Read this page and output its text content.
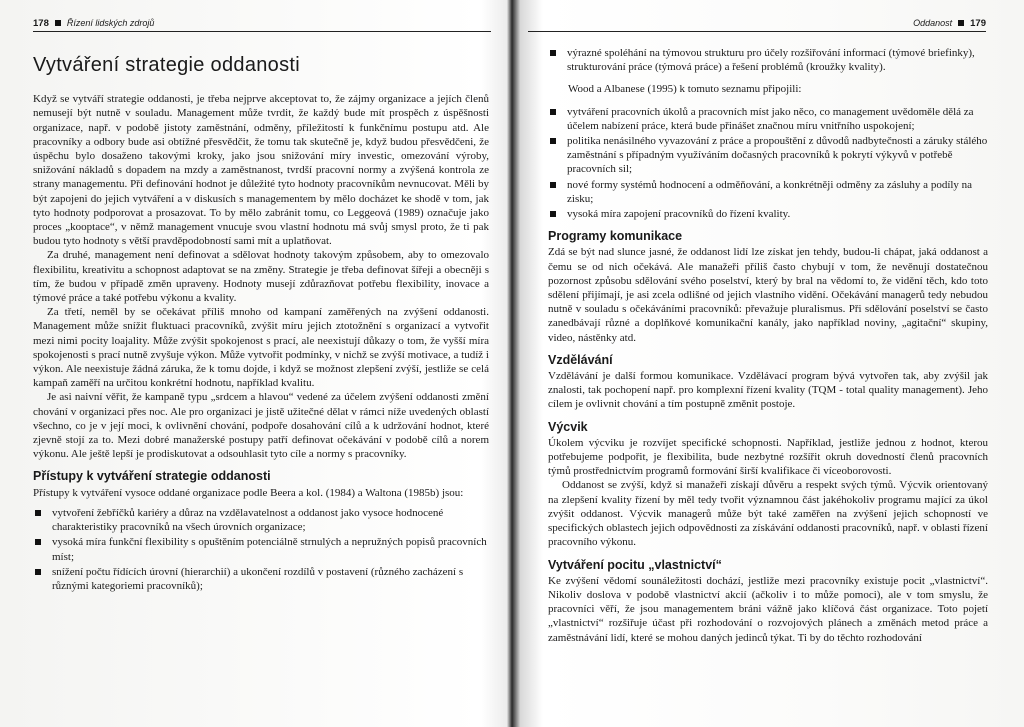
178 Řízení lidských zdrojů
Vytváření strategie oddanosti

Když se vytváří strategie oddanosti, je třeba nejprve akceptovat to, že zájmy organizace a jejích členů nemusejí být nutně v souladu. Management může tvrdit, že každý bude mít prospěch z úspěšnosti organizace, např. v podobě jistoty zaměstnání, odměny, příležitostí k funkčnímu postupu atd. Ale pracovníky a odbory bude asi obtížné přesvědčit, že tomu tak skutečně je, když budou přesvědčeni, že úspěchu bylo dosaženo takovými kroky, jako jsou snižování míry investic, omezování výroby, snižování nákladů s dopadem na mzdy a zaměstnanost, tvrdší pracovní normy a zvýšená kontrola ze strany managementu. Při definování hodnot je důležité tyto hodnoty pracovníkům nevnucovat. Měli by být zapojeni do jejich vytváření a v diskusích s managementem by mělo docházet ke shodě v tom, jak tyto hodnoty podporovat a prosazovat. To by mělo zabránit tomu, co Leggeová (1989) označuje jako proces „kooptace“, v němž management vnucuje svou vlastní hodnotu má svůj smysl proto, že ti pak budou tyto hodnoty s větší pravděpodobností sami mít a uplatňovat.

Za druhé, management není definovat a sdělovat hodnoty takovým způsobem, aby to omezovalo flexibilitu, kreativitu a schopnost adaptovat se na změny. Strategie je třeba definovat šířeji a obecněji s tím, že budou v případě změn upraveny. Hodnoty musejí zdůrazňovat potřebu flexibility, inovace a týmové práce a také potřebu výkonu a kvality.

Za třetí, neměl by se očekávat příliš mnoho od kampaní zaměřených na zvýšení oddanosti. Management může snížit fluktuaci pracovníků, zvýšit míru jejich ztotožnění s organizací a vytvořit mezi nimi pocity loajality. Může zvýšit spokojenost s prací, ale neexistují důkazy o tom, že vyšší míra spokojenosti s prací nutně zvyšuje výkon. Může vytvořit podmínky, v nichž se zvýší motivace, a tudíž i výkon. Ale neexistuje žádná záruka, že k tomu dojde, i když se možnost zlepšení zvýší, jestliže se celá kampaň zaměří na určitou konkrétní hodnotu, například kvalitu.

Je asi naivní věřit, že kampaně typu „srdcem a hlavou“ vedené za účelem zvýšení oddanosti změní chování v organizaci přes noc. Ale pro organizaci je jistě užitečné dělat v rámci níže uvedených oblastí všechno, co je v její moci, k ovlivnění chování, podpoře dosahování cílů a k udržování hodnot, které zjevně stojí za to. Mezi dobré manažerské postupy patří definovat očekávání v podobě cílů a norem výkonu. Ale ještě lepší je prodiskutovat a odsouhlasit tyto cíle a normy s pracovníky.

Přístupy k vytváření strategie oddanosti

Přístupy k vytváření vysoce oddané organizace podle Beera a kol. (1984) a Waltona (1985b) jsou:

vytvoření žebříčků kariéry a důraz na vzdělavatelnost a oddanost jako vysoce hodnocené charakteristiky pracovníků na všech úrovních organizace;
vysoká míra funkční flexibility s opuštěním potenciálně strnulých a nepružných popisů pracovních míst;
snížení počtu řídících úrovní (hierarchií) a ukončení rozdílů v postavení (různého zacházení s různými kategoriemi pracovníků);
Oddanost 179
výrazné spoléhání na týmovou strukturu pro účely rozšiřování informací (týmové briefinky), strukturování práce (týmová práce) a řešení problémů (kroužky kvality).

Wood a Albanese (1995) k tomuto seznamu připojili:

vytváření pracovních úkolů a pracovních míst jako něco, co management uvědoměle dělá za účelem nabízení práce, která bude přinášet značnou míru vnitřního uspokojení;
politika nenásilného vyvazování z práce a propouštění z důvodů nadbytečnosti a záruky stálého zaměstnání s případným využíváním dočasných pracovníků k pokrytí výkyvů v potřebě pracovních sil;
nové formy systémů hodnocení a odměňování, a konkrétněji odměny za zásluhy a podíly na zisku;
vysoká míra zapojení pracovníků do řízení kvality.
Programy komunikace

Zdá se být nad slunce jasné, že oddanost lidí lze získat jen tehdy, budou-li chápat, jaká oddanost a čemu se od nich očekává. Ale manažeři příliš často chybují v tom, že nevěnují dostatečnou pozornost způsobu sdělování svého poselství, který by bral na vědomí to, že vidění těch, kdo toto sdělení přijímají, je asi zcela odlišné od jejich vlastního vidění. Očekávání managerů tedy nebudou nutně v souladu s očekáváními pracovníků: převažuje pluralismus. Při sdělování poselství se často zanedbávají různé a doplňkové komunikační kanály, jako například noviny, „agitační“ skupiny, video, nástěnky atd.

Vzdělávání

Vzdělávání je další formou komunikace. Vzdělávací program bývá vytvořen tak, aby zvýšil jak znalosti, tak pochopení např. pro komplexní řízení kvality (TQM - total quality management). Jeho cílem je ovlivnit chování a tím postupně změnit postoje.

Výcvik

Úkolem výcviku je rozvíjet specifické schopnosti. Například, jestliže jednou z hodnot, kterou potřebujeme podpořit, je flexibilita, bude nezbytné rozšířit okruh dovedností členů pracovních týmů prostřednictvím programů formování širší kvalifikace či víceoborovosti.

Oddanost se zvýší, když si manažeři získají důvěru a respekt svých týmů. Výcvik orientovaný na zlepšení kvality řízení by měl tedy tvořit významnou část jakéhokoliv programu mající za úkol zvýšit oddanost. Výcvik managerů může být také zaměřen na zvýšení jejich schopností ve specifických oblastech jejich odpovědnosti za získávání oddanosti pracovníků, např. v oblasti řízení pracovního výkonu.

Vytváření pocitu „vlastnictví“

Ke zvýšení vědomí sounáležitosti dochází, jestliže mezi pracovníky existuje pocit „vlastnictví“. Nikoliv doslova v podobě vlastnictví akcií (ačkoliv i to může pomoci), ale v tom smyslu, že pracovníci věří, že jsou managementem bráni vážně jako klíčová část organizace. Toto pojetí „vlastnictví“ rozšiřuje účast při rozhodování o rozvojových plánech a změnách metod práce a zaměstnávání lidí, které se mohou daných jedinců týkat. Ti by do těchto rozhodování
